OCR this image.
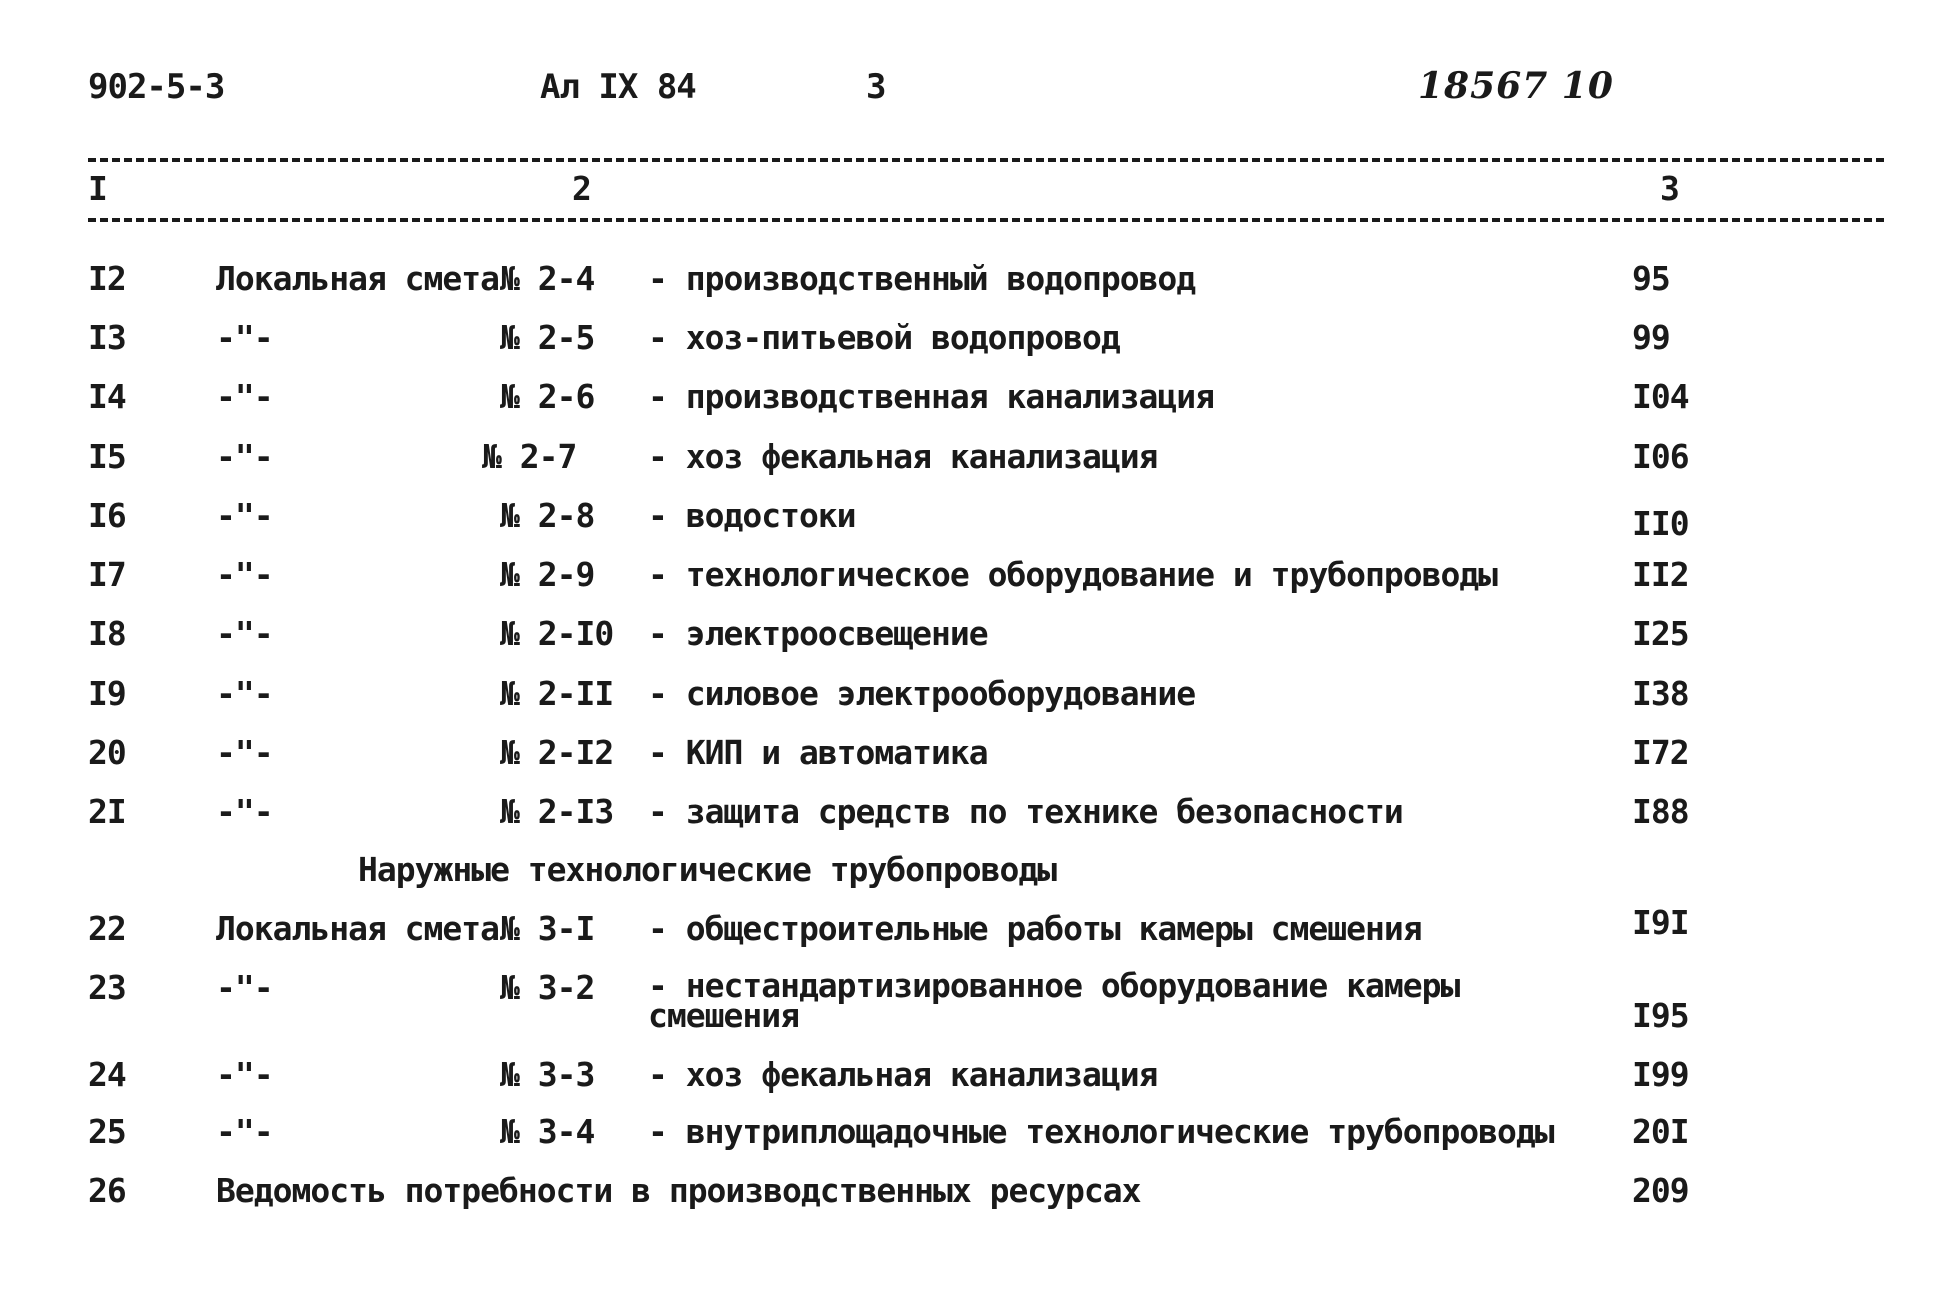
902-5-3	Ал IX 84	3	18567 10
I	2	3
I2	Локальная смета № 2-4 - производственный водопровод	95
I3	-"-	№ 2-5 - хоз-питьевой водопровод	99
I4	-"-	№ 2-6 - производственная канализация	I04
I5	-"-	№ 2-7 - хоз фекальная канализация	I06
I6	-"-	№ 2-8 - водостоки	II0
I7	-"-	№ 2-9 - технологическое оборудование и трубопроводы	II2
I8	-"-	№ 2-I0 - электроосвещение	I25
I9	-"-	№ 2-II - силовое электрооборудование	I38
20	-"-	№ 2-I2 - КИП и автоматика	I72
2I	-"-	№ 2-I3 - защита средств по технике безопасности	I88
Наружные технологические трубопроводы
22	Локальная смета № 3-I - общестроительные работы камеры смешения	I9I
23	-"-	№ 3-2 - нестандартизированное оборудование камеры смешения	I95
24	-"-	№ 3-3 - хоз фекальная канализация	I99
25	-"-	№ 3-4 - внутриплощадочные технологические трубопроводы 20I
26	Ведомость потребности в производственных ресурсах	209
